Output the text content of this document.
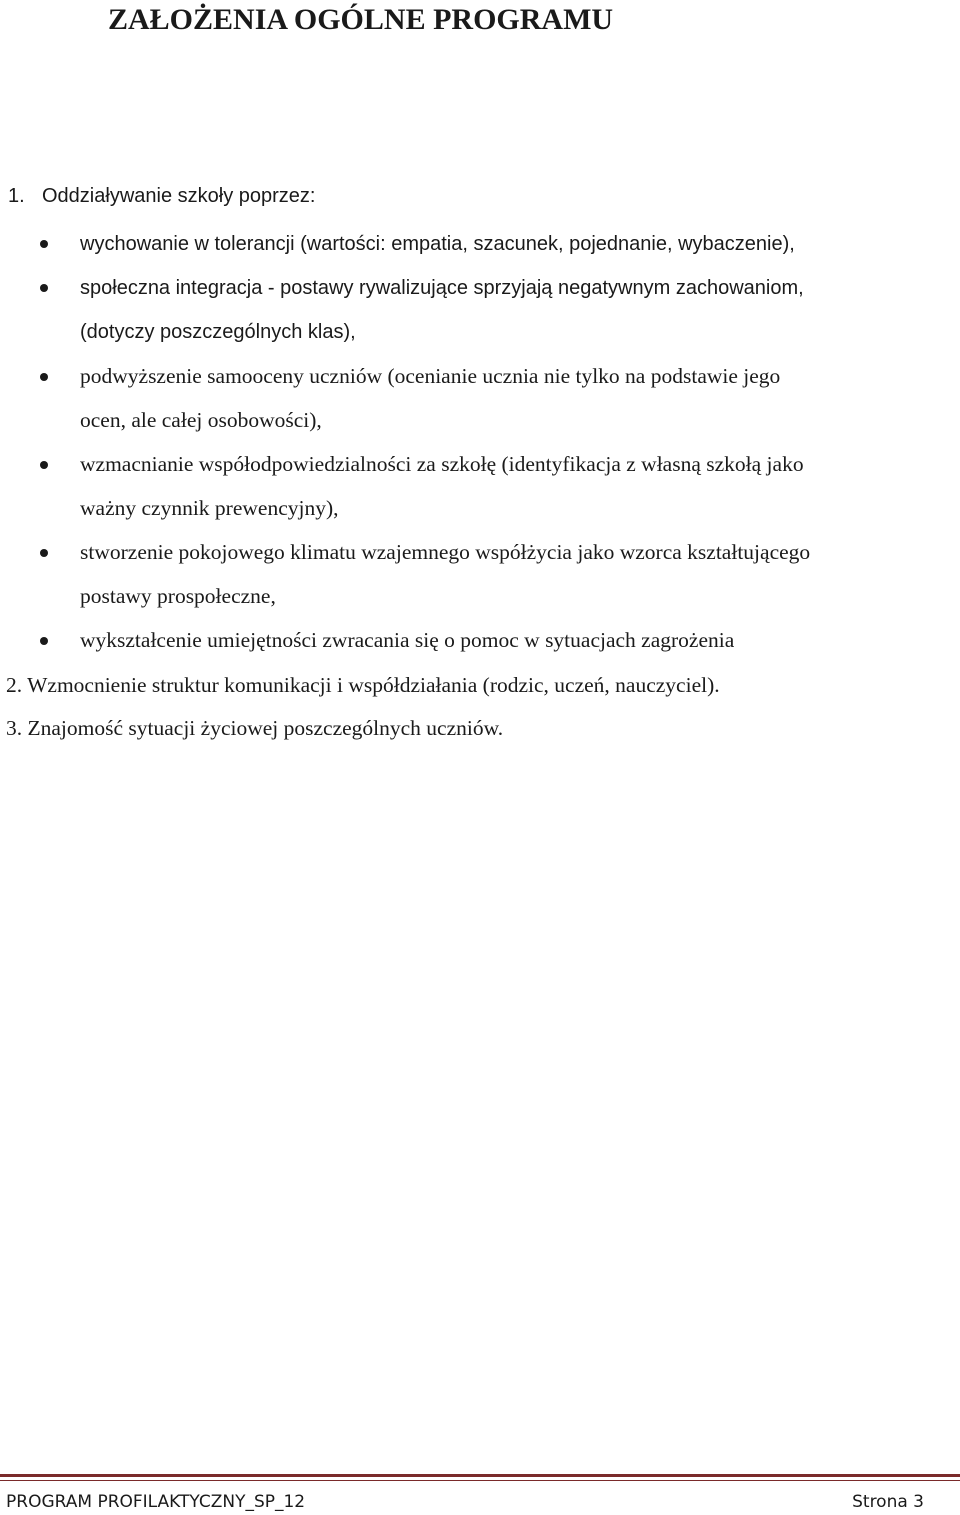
ZAŁOŻENIA OGÓLNE PROGRAMU
1. Oddziaływanie szkoły poprzez:
wychowanie w tolerancji (wartości: empatia, szacunek, pojednanie, wybaczenie),
społeczna integracja - postawy rywalizujące sprzyjają negatywnym zachowaniom,
(dotyczy poszczególnych klas),
podwyższenie samooceny uczniów (ocenianie ucznia nie tylko na podstawie jego
ocen, ale całej osobowości),
wzmacnianie współodpowiedzialności za szkołę (identyfikacja z własną szkołą jako
ważny czynnik prewencyjny),
stworzenie pokojowego klimatu wzajemnego współżycia jako wzorca kształtującego
postawy prospołeczne,
wykształcenie umiejętności zwracania się o pomoc w sytuacjach zagrożenia
2. Wzmocnienie struktur komunikacji i współdziałania (rodzic, uczeń, nauczyciel).
3. Znajomość sytuacji życiowej poszczególnych uczniów.
PROGRAM PROFILAKTYCZNY_SP_12	Strona 3
